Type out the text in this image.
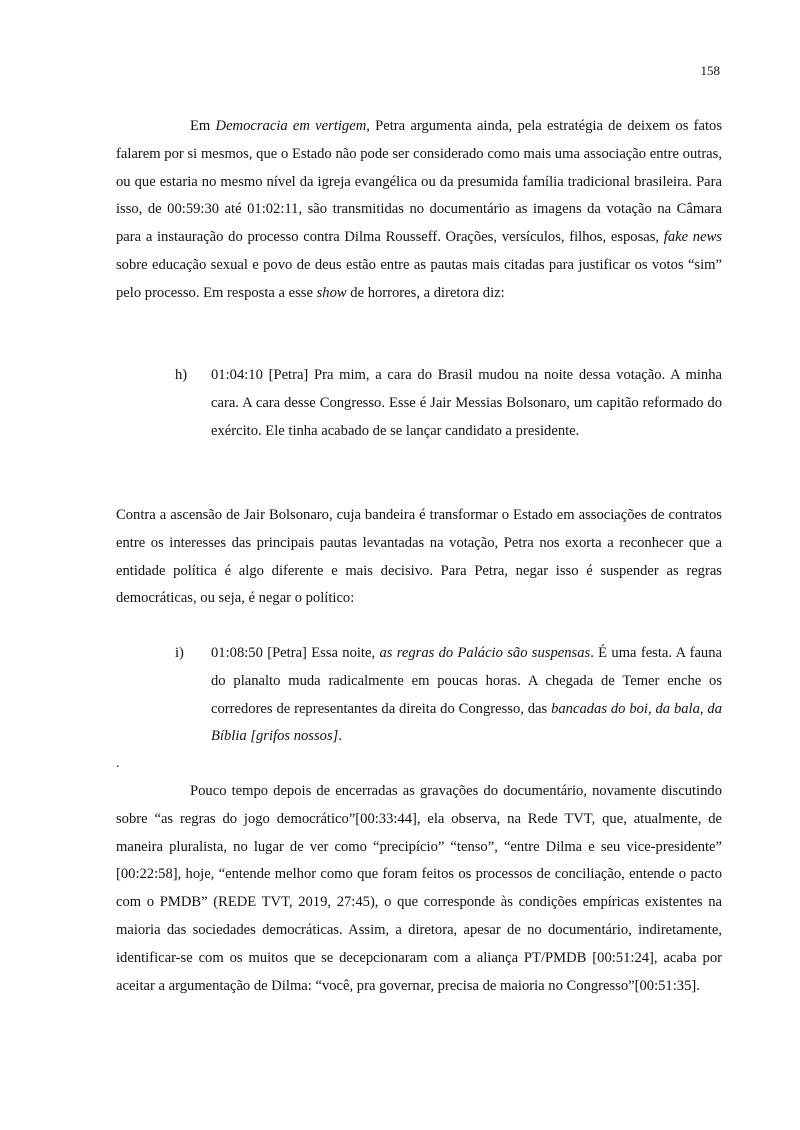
158

Em Democracia em vertigem, Petra argumenta ainda, pela estratégia de deixem os fatos falarem por si mesmos, que o Estado não pode ser considerado como mais uma associação entre outras, ou que estaria no mesmo nível da igreja evangélica ou da presumida família tradicional brasileira. Para isso, de 00:59:30 até 01:02:11, são transmitidas no documentário as imagens da votação na Câmara para a instauração do processo contra Dilma Rousseff. Orações, versículos, filhos, esposas, fake news sobre educação sexual e povo de deus estão entre as pautas mais citadas para justificar os votos “sim” pelo processo. Em resposta a esse show de horrores, a diretora diz:

h) 01:04:10 [Petra] Pra mim, a cara do Brasil mudou na noite dessa votação. A minha cara. A cara desse Congresso. Esse é Jair Messias Bolsonaro, um capitão reformado do exército. Ele tinha acabado de se lançar candidato a presidente.

Contra a ascensão de Jair Bolsonaro, cuja bandeira é transformar o Estado em associações de contratos entre os interesses das principais pautas levantadas na votação, Petra nos exorta a reconhecer que a entidade política é algo diferente e mais decisivo. Para Petra, negar isso é suspender as regras democráticas, ou seja, é negar o político:

i) 01:08:50 [Petra] Essa noite, as regras do Palácio são suspensas. É uma festa. A fauna do planalto muda radicalmente em poucas horas. A chegada de Temer enche os corredores de representantes da direita do Congresso, das bancadas do boi, da bala, da Bíblia [grifos nossos].
.

Pouco tempo depois de encerradas as gravações do documentário, novamente discutindo sobre “as regras do jogo democrático”[00:33:44], ela observa, na Rede TVT, que, atualmente, de maneira pluralista, no lugar de ver como “precipício” “tenso”, “entre Dilma e seu vice-presidente” [00:22:58], hoje, “entende melhor como que foram feitos os processos de conciliação, entende o pacto com o PMDB” (REDE TVT, 2019, 27:45), o que corresponde às condições empíricas existentes na maioria das sociedades democráticas. Assim, a diretora, apesar de no documentário, indiretamente, identificar-se com os muitos que se decepcionaram com a aliança PT/PMDB [00:51:24], acaba por aceitar a argumentação de Dilma: “você, pra governar, precisa de maioria no Congresso”[00:51:35].
